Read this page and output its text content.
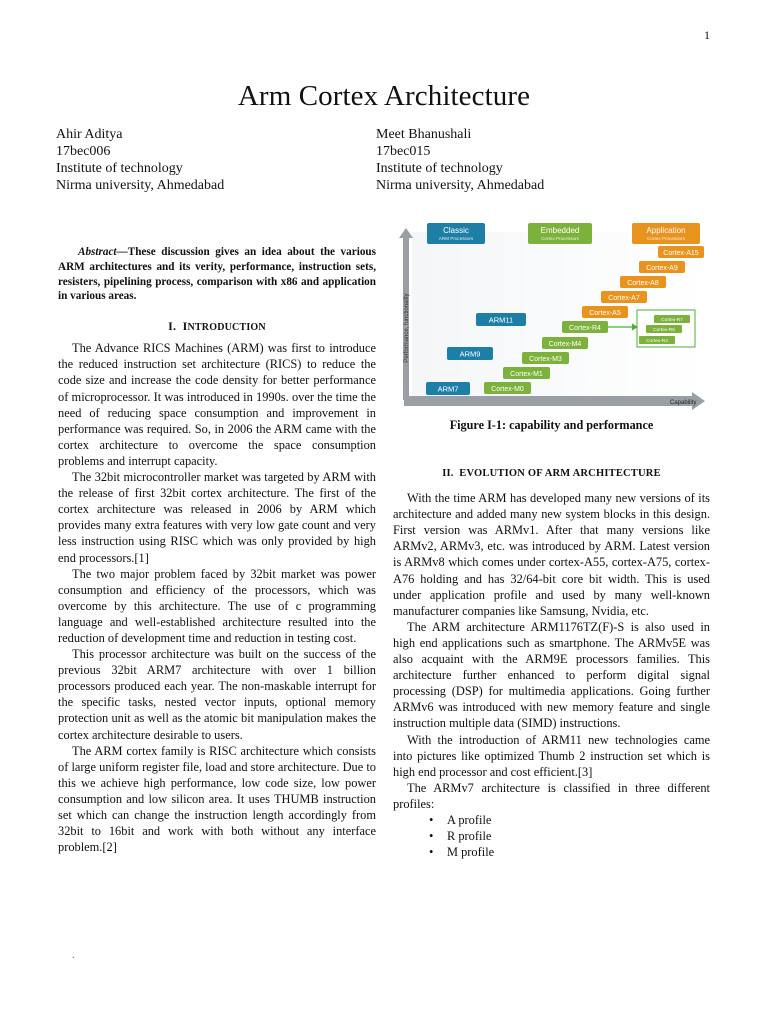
1
Arm Cortex Architecture
Ahir Aditya
17bec006
Institute of technology
Nirma university, Ahmedabad
Meet Bhanushali
17bec015
Institute of technology
Nirma university, Ahmedabad

Abstract—These discussion gives an idea about the various ARM architectures and its verity, performance, instruction sets, resisters, pipelining process, comparison with x86 and application in various areas.

I. INTRODUCTION

The Advance RICS Machines (ARM) was first to introduce the reduced instruction set architecture (RICS) to reduce the code size and increase the code density for better performance of microprocessor. It was introduced in 1990s. over the time the need of reducing space consumption and improvement in performance was required. So, in 2006 the ARM came with the cortex architecture to overcome the space consumption problems and interrupt capacity.

The 32bit microcontroller market was targeted by ARM with the release of first 32bit cortex architecture. The first of the cortex architecture was released in 2006 by ARM which provides many extra features with very low gate count and very less instruction using RISC which was only provided by high end processors.[1]

The two major problem faced by 32bit market was power consumption and efficiency of the processors, which was overcome by this architecture. The use of c programming language and well-established architecture resulted into the reduction of development time and reduction in testing cost.

This processor architecture was built on the success of the previous 32bit ARM7 architecture with over 1 billion processors produced each year. The non-maskable interrupt for the specific tasks, nested vector inputs, optional memory protection unit as well as the atomic bit manipulation makes the cortex architecture desirable to users.

The ARM cortex family is RISC architecture which consists of large uniform register file, load and store architecture. Due to this we achieve high performance, low code size, low power consumption and low silicon area. It uses THUMB instruction set which can change the instruction length accordingly from 32bit to 16bit and work with both without any interface problem.[2]

Performance, functionality
Capability
Classic
ARM Processors
Embedded
Cortex Processors
Application
Cortex Processors
ARM11
ARM9
ARM7
Cortex-R4
Cortex-M4
Cortex-M3
Cortex-M1
Cortex-M0
Cortex-A15
Cortex-A9
Cortex-A8
Cortex-A7
Cortex-A5
Cortex-R7
Cortex-R5
Cortex-R4
Figure I-1: capability and performance
II. EVOLUTION OF ARM ARCHITECTURE

With the time ARM has developed many new versions of its architecture and added many new system blocks in this design. First version was ARMv1. After that many versions like ARMv2, ARMv3, etc. was introduced by ARM. Latest version is ARMv8 which comes under cortex-A55, cortex-A75, cortex-A76 holding and has 32/64-bit core bit width. This is used under application profile and used by many well-known manufacturer companies like Samsung, Nvidia, etc.

The ARM architecture ARM1176TZ(F)-S is also used in high end applications such as smartphone. The ARMv5E was also acquaint with the ARM9E processors families. This architecture further enhanced to perform digital signal processing (DSP) for multimedia applications. Going further ARMv6 was introduced with new memory feature and single instruction multiple data (SIMD) instructions.

With the introduction of ARM11 new technologies came into pictures like optimized Thumb 2 instruction set which is high end processor and cost efficient.[3]

The ARMv7 architecture is classified in three different profiles:

• A profile
• R profile
• M profile
.
